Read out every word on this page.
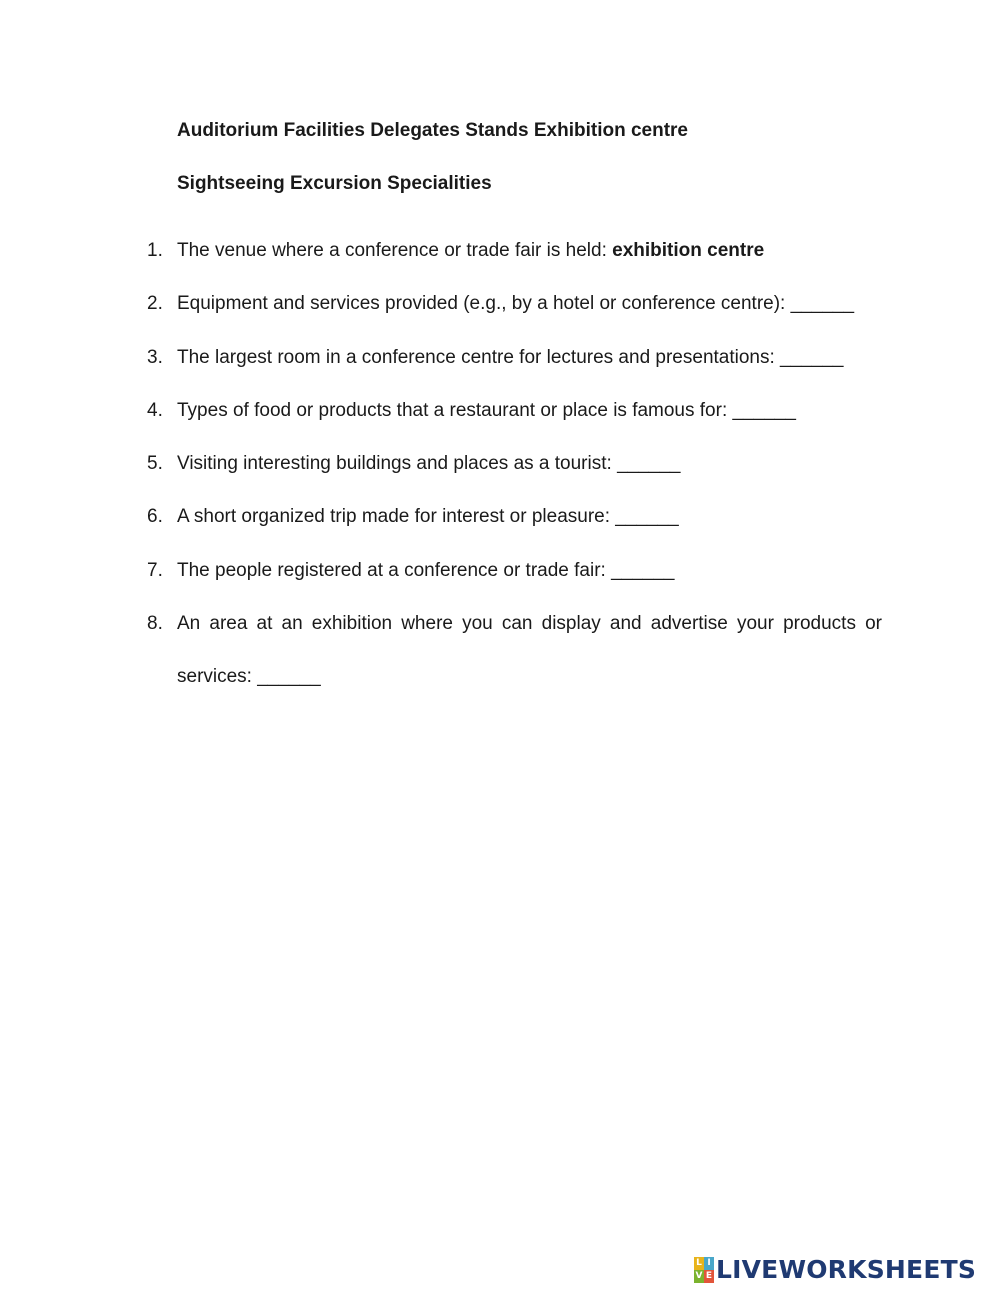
Auditorium Facilities Delegates Stands Exhibition centre
Sightseeing Excursion Specialities
1. The venue where a conference or trade fair is held: exhibition centre
2. Equipment and services provided (e.g., by a hotel or conference centre): ______
3. The largest room in a conference centre for lectures and presentations: ______
4. Types of food or products that a restaurant or place is famous for: ______
5. Visiting interesting buildings and places as a tourist: ______
6. A short organized trip made for interest or pleasure: ______
7. The people registered at a conference or trade fair: ______
8. An area at an exhibition where you can display and advertise your products or services: ______
L I
V E LIVEWORKSHEETS
